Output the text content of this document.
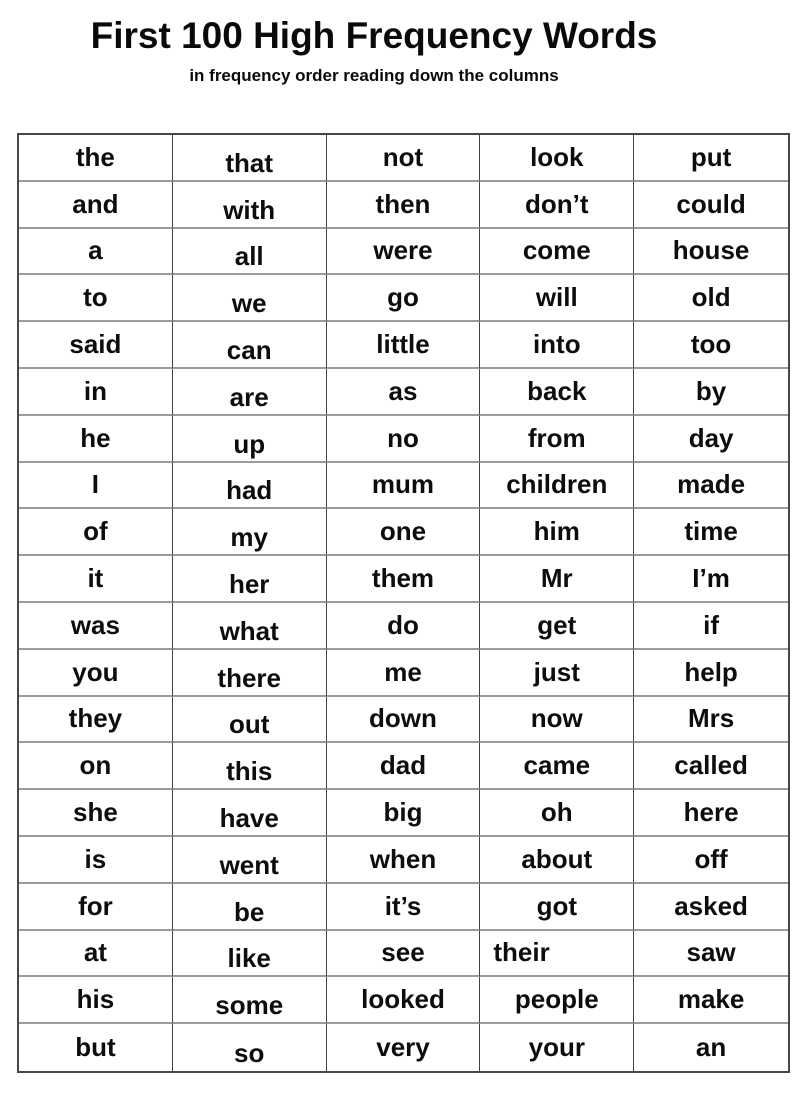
First 100 High Frequency Words

in frequency order reading down the columns

the
and
a
to
said
in
he
I
of
it
was
you
they
on
she
is
for
at
his
but
that
with
all
we
can
are
up
had
my
her
what
there
out
this
have
went
be
like
some
so
not
then
were
go
little
as
no
mum
one
them
do
me
down
dad
big
when
it’s
see
looked
very
look
don’t
come
will
into
back
from
children
him
Mr
get
just
now
came
oh
about
got
their
people
your
put
could
house
old
too
by
day
made
time
I’m
if
help
Mrs
called
here
off
asked
saw
make
an
